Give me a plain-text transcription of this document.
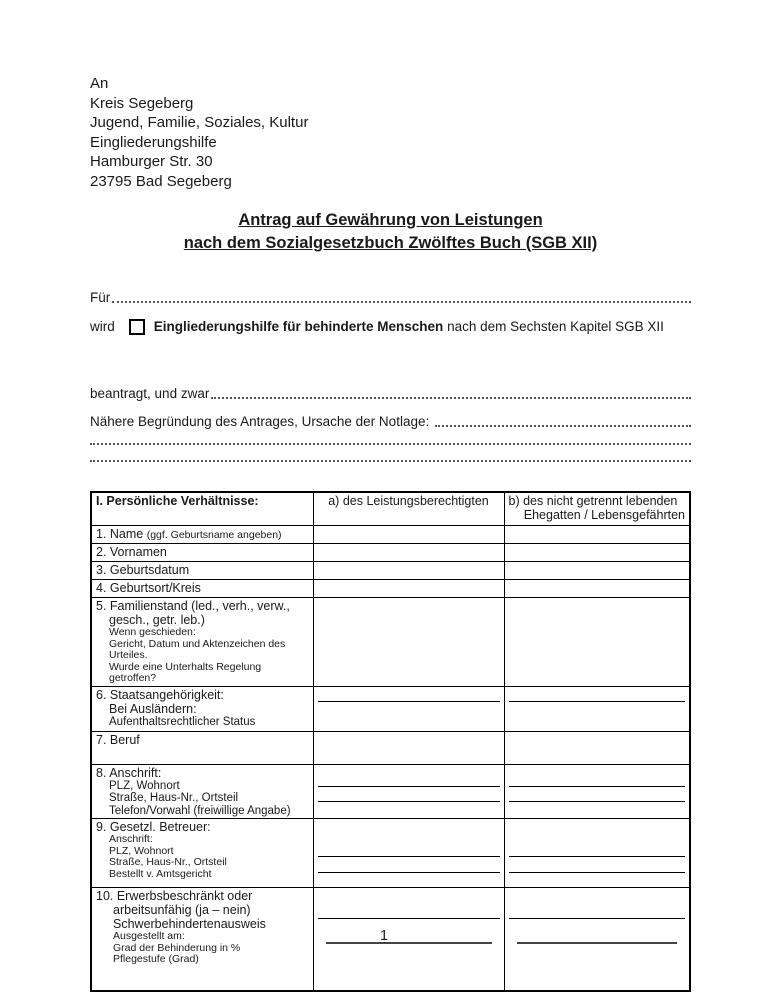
An
Kreis Segeberg
Jugend, Familie, Soziales, Kultur
Eingliederungshilfe
Hamburger Str. 30
23795 Bad Segeberg
Antrag auf Gewährung von Leistungen
nach dem Sozialgesetzbuch Zwölftes Buch (SGB XII)
Für
wird	Eingliederungshilfe für behinderte Menschen nach dem Sechsten Kapitel SGB XII
beantragt, und zwar
Nähere Begründung des Antrages, Ursache der Notlage:
I. Persönliche Verhältnisse:	a) des Leistungsberechtigten	b) des nicht getrennt lebenden
Ehegatten / Lebensgefährten

1. Name (ggf. Geburtsname angeben)		
2. Vornamen		
3. Geburtsdatum		
4. Geburtsort/Kreis		

5. Familienstand (led., verh., verw.,
gesch., getr. leb.)
Wenn geschieden:
Gericht, Datum und Aktenzeichen des
Urteiles.
Wurde eine Unterhalts Regelung getroffen?

6. Staatsangehörigkeit:
Bei Ausländern:
Aufenthaltsrechtlicher Status		

7. Beruf		

8. Anschrift:
PLZ, Wohnort
Straße, Haus-Nr., Ortsteil
Telefon/Vorwahl (freiwillige Angabe)		

9. Gesetzl. Betreuer:
Anschrift:
PLZ, Wohnort
Straße, Haus-Nr., Ortsteil
Bestellt v. Amtsgericht		

10. Erwerbsbeschränkt oder
arbeitsunfähig (ja – nein)
Schwerbehindertenausweis
Ausgestellt am:
Grad der Behinderung in %
Pflegestufe (Grad)

1
